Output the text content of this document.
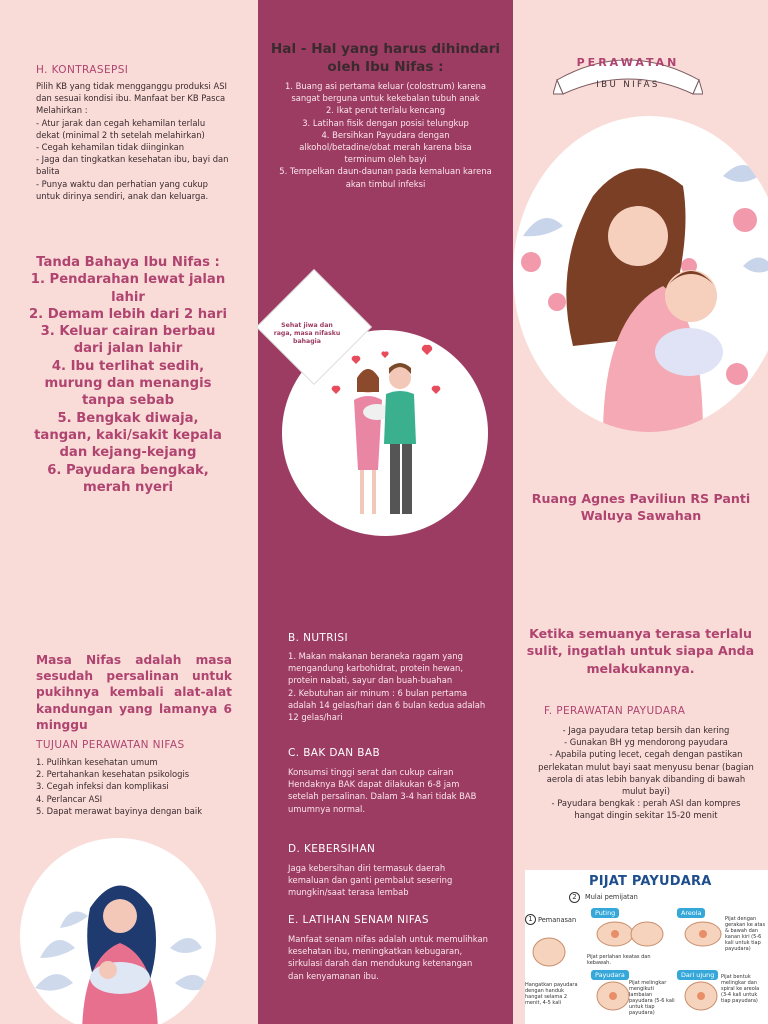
H. KONTRASEPSI

Pilih KB yang tidak mengganggu produksi ASI dan sesuai kondisi ibu. Manfaat ber KB Pasca Melahirkan :

- Atur jarak dan cegah kehamilan terlalu dekat (minimal 2 th setelah melahirkan)

- Cegah kehamilan tidak diinginkan

- Jaga dan tingkatkan kesehatan ibu, bayi dan balita

- Punya waktu dan perhatian yang cukup untuk dirinya sendiri, anak dan keluarga.

Tanda Bahaya Ibu Nifas :
1. Pendarahan lewat jalan lahir
2. Demam lebih dari 2 hari
3. Keluar cairan berbau dari jalan lahir
4. Ibu terlihat sedih, murung dan menangis tanpa sebab
5. Bengkak diwaja, tangan, kaki/sakit kepala dan kejang-kejang
6. Payudara bengkak, merah nyeri
Masa Nifas adalah masa sesudah persalinan untuk pukihnya kembali alat-alat kandungan yang lamanya 6 minggu
TUJUAN PERAWATAN NIFAS
1. Pulihkan kesehatan umum
2. Pertahankan kesehatan psikologis
3. Cegah infeksi dan komplikasi
4. Perlancar ASI
5. Dapat merawat bayinya dengan baik
Hal - Hal yang harus dihindari oleh Ibu Nifas :
1. Buang asi pertama keluar (colostrum) karena sangat berguna untuk kekebalan tubuh anak
2. Ikat perut terlalu kencang
3. Latihan fisik dengan posisi telungkup
4. Bersihkan Payudara dengan alkohol/betadine/obat merah karena bisa terminum oleh bayi
5. Tempelkan daun-daunan pada kemaluan karena akan timbul infeksi
Sehat jiwa dan raga, masa nifasku bahagia
B. NUTRISI
1. Makan makanan beraneka ragam yang mengandung karbohidrat, protein hewan, protein nabati, sayur dan buah-buahan
2. Kebutuhan air minum : 6 bulan pertama adalah 14 gelas/hari dan 6 bulan kedua adalah 12 gelas/hari
C. BAK DAN BAB
Konsumsi tinggi serat dan cukup cairan Hendaknya BAK dapat dilakukan 6-8 jam setelah persalinan. Dalam 3-4 hari tidak BAB umumnya normal.
D. KEBERSIHAN
Jaga kebersihan diri termasuk daerah kemaluan dan ganti pembalut sesering mungkin/saat terasa lembab
E. LATIHAN SENAM NIFAS
Manfaat senam nifas adalah untuk memulihkan kesehatan ibu, meningkatkan kebugaran, sirkulasi darah dan mendukung ketenangan dan kenyamanan ibu.
PERAWATAN
IBU NIFAS
Ruang Agnes Paviliun RS Panti Waluya Sawahan
Ketika semuanya terasa terlalu sulit, ingatlah untuk siapa Anda melakukannya.
F. PERAWATAN PAYUDARA

- Jaga payudara tetap bersih dan kering

- Gunakan BH yg mendorong payudara

- Apabila puting lecet, cegah dengan pastikan perlekatan mulut bayi saat menyusu benar (bagian aerola di atas lebih banyak dibanding di bawah mulut bayi)

- Payudara bengkak : perah ASI dan kompres hangat dingin sekitar 15-20 menit

PIJAT PAYUDARA
2	Mulai pemijatan
1 Pemanasan
Puting	Areola
Payudara	Dari ujung
Pijat perlahan keatas dan kebawah.
Pijat dengan gerakan ke atas & bawah dan kanan kiri (5-6 kali untuk tiap payudara)
Hangatkan payudara dengan handuk hangat selama 2 menit, 4-5 kali
Pijat melingkar mengikuti lambaian payudara (5-6 kali untuk tiap payudara)
Pijat bentuk melingkar dan spiral ke areola (3-4 kali untuk tiap payudara)
